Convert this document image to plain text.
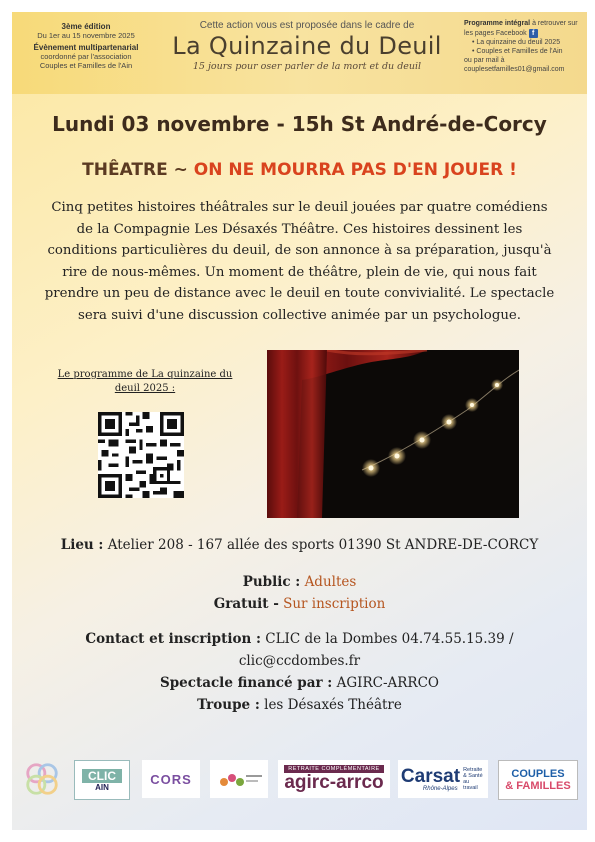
3ème édition
Du 1er au 15 novembre 2025
Évènement multipartenarial
coordonné par l'association
Couples et Familles de l'Ain
Cette action vous est proposée dans le cadre de
La Quinzaine du Deuil
15 jours pour oser parler de la mort et du deuil
Programme intégral à retrouver sur les pages Facebook f
• La quinzaine du deuil 2025
• Couples et Familles de l'Ain
ou par mail à
couplesetfamilles01@gmail.com
Lundi 03 novembre - 15h St André-de-Corcy
THÊATRE ~ ON NE MOURRA PAS D'EN JOUER !
Cinq petites histoires théâtrales sur le deuil jouées par quatre comédiens de la Compagnie Les Désaxés Théâtre. Ces histoires dessinent les conditions particulières du deuil, de son annonce à sa préparation, jusqu'à rire de nous-mêmes. Un moment de théâtre, plein de vie, qui nous fait prendre un peu de distance avec le deuil en toute convivialité. Le spectacle sera suivi d'une discussion collective animée par un psychologue.
Le programme de La quinzaine du
deuil 2025 :
Lieu : Atelier 208 - 167 allée des sports 01390 St ANDRE-DE-CORCY
Public : Adultes
Gratuit - Sur inscription
Contact et inscription : CLIC de la Dombes 04.74.55.15.39 /
clic@ccdombes.fr
Spectacle financé par : AGIRC-ARRCO
Troupe : les Désaxés Théâtre
CLIC
AIN
CORS
RETRAITE COMPLÉMENTAIRE
agirc-arrco Carsat
Rhône-Alpes
Retraite & Santé au travail
COUPLES
& FAMILLES
